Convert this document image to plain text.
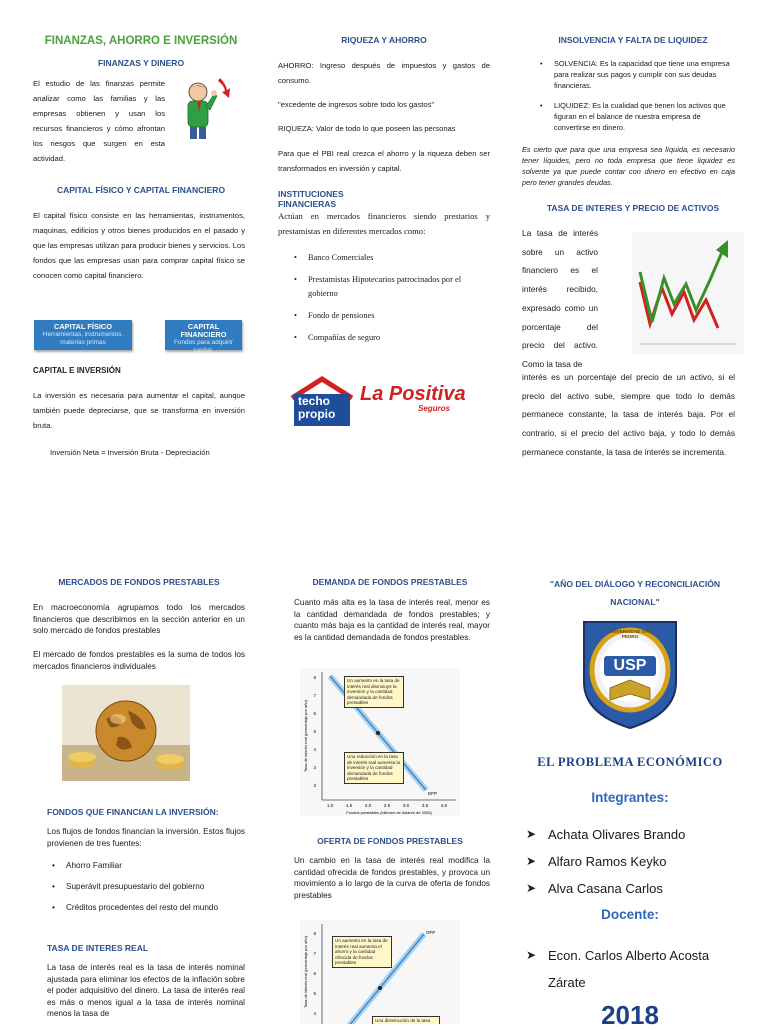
FINANZAS, AHORRO E INVERSIÓN
FINANZAS Y DINERO

El estudio de las finanzas permite analizar como las familias y las empresas obtienen y usan los recursos financieros y cómo afrontan los riesgos que surgen en esta actividad.

CAPITAL FÍSICO Y CAPITAL FINANCIERO

El capital físico consiste en las herramientas, instrumentos, maquinas, edificios y otros bienes producidos en el pasado y que las empresas utilizan para producir bienes y servicios. Los fondos que las empresas usan para comprar capital físico se conocen como capital financiero.

CAPITAL FÍSICO
Herramientas, instrumentos, materias primas
CAPITAL FINANCIERO
Fondos para adquirir capital.
CAPITAL E INVERSIÓN

La inversión es necesaria para aumentar el capital, aunque también puede depreciarse, que se transforma en inversión bruta.

Inversión Neta = Inversión Bruta - Depreciación
RIQUEZA Y AHORRO

AHORRO: Ingreso después de impuestos y gastos de consumo.

"excedente de ingresos sobre todo los gastos"

RIQUEZA: Valor de todo lo que poseen las personas

Para que el PBI real crezca el ahorro y la riqueza deben ser transformados en inversión y capital.

INSTITUCIONES FINANCIERAS

Actúan en mercados financieros siendo prestarios y prestamistas en diferentes mercados como:

• Banco Comerciales
• Prestamistas Hipotecarios patrocinados por el gobierno
• Fondo de pensiones
• Compañías de seguro
techo
propio
La Positiva
Seguros
INSOLVENCIA Y FALTA DE LIQUIDEZ
• SOLVENCIA: Es la capacidad que tiene una empresa para realizar sus pagos y cumplir con sus deudas financieras.
• LIQUIDEZ: Es la cualidad que tienen los activos que figuran en el balance de nuestra empresa de convertirse en dinero.

Es cierto que para que una empresa sea líquida, es necesario tener líquides, pero no toda empresa que tiene liquidez es solvente ya que puede contar con dinero en efectivo en caja pero tener grandes deudas.

TASA DE INTERES Y PRECIO DE ACTIVOS

La tasa de interés sobre un activo financiero es el interés recibido, expresado como un porcentaje del precio del activo. Como la tasa de

interés es un porcentaje del precio de un activo, si el precio del activo sube, siempre que todo lo demás permanece constante, la tasa de interés baja. Por el contrario, si el precio del activo baja, y todo lo demás permanece constante, la tasa de interés se incrementa.

MERCADOS DE FONDOS PRESTABLES

En macroeconomía agrupamos todo los mercados financieros que describimos en la sección anterior en un solo mercado de fondos prestables

El mercado de fondos prestables es la suma de todos los mercados financieros individuales

FONDOS QUE FINANCIAN LA INVERSIÓN:

Los flujos de fondos financian la inversión. Estos flujos provienen de tres fuentes:

• Ahorro Familiar
• Superávit presupuestario del gobierno
• Créditos procedentes del resto del mundo
TASA DE INTERES REAL

La tasa de interés real es la tasa de interés nominal ajustada para eliminar los efectos de la inflación sobre el poder adquisitivo del dinero. La tasa de interés real es más o menos igual a la tasa de interés nominal menos la tasa de

DEMANDA DE FONDOS PRESTABLES

Cuanto más alta es la tasa de interés real, menor es la cantidad demandada de fondos prestables; y cuanto más baja es la cantidad de interés real, mayor es la cantidad demandada de fondos prestables.

8
7
6
5
4
3
2
1.0	1.5	2.0	2.5	3.0	3.5	4.0
DFP
Fondos prestables (billones de dólares de 2005)
Tasa de interés real (porcentaje por año)
Un aumento en la tasa de interés real disminuye la inversión y la cantidad demandada de fondos prestables
Una reducción en la tasa de interés real aumenta la inversión y la cantidad demandada de fondos prestables
OFERTA DE FONDOS PRESTABLES

Un cambio en la tasa de interés real modifica la cantidad ofrecida de fondos prestables, y provoca un movimiento a lo largo de la curva de oferta de fondos prestables

8
7
6
5
4
OFP
Tasa de interés real (porcentaje por año)	Un aumento en la tasa de interés real aumenta el ahorro y la cantidad ofrecida de fondos prestables
Una disminución de la tasa
"AÑO DEL DIÁLOGO Y RECONCILIACIÓN NACIONAL"
UNIVERSIDAD SAN PEDRO
USP
EL PROBLEMA ECONÓMICO
Integrantes:
➤ Achata Olivares Brando
➤ Alfaro Ramos Keyko
➤ Alva Casana Carlos
Docente:
➤ Econ. Carlos Alberto Acosta Zárate
2018
